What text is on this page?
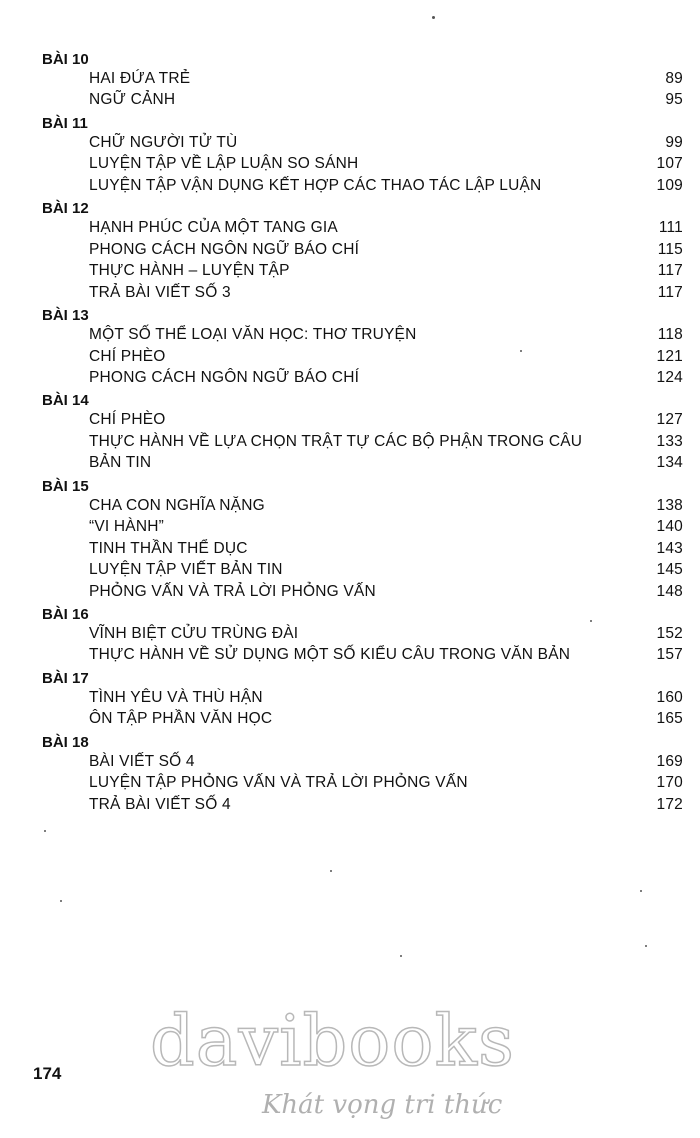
BÀI 10
HAI ĐỨA TRẺ	89
NGỮ CẢNH	95
BÀI 11
CHỮ NGƯỜI TỬ TÙ	99
LUYỆN TẬP VỀ LẬP LUẬN SO SÁNH	107
LUYỆN TẬP VẬN DỤNG KẾT HỢP CÁC THAO TÁC LẬP LUẬN	109
BÀI 12
HẠNH PHÚC CỦA MỘT TANG GIA	111
PHONG CÁCH NGÔN NGỮ BÁO CHÍ	115
THỰC HÀNH – LUYỆN TẬP	117
TRẢ BÀI VIẾT SỐ 3	117
BÀI 13
MỘT SỐ THỂ LOẠI VĂN HỌC: THƠ TRUYỆN	118
CHÍ PHÈO	121
PHONG CÁCH NGÔN NGỮ BÁO CHÍ	124
BÀI 14
CHÍ PHÈO	127
THỰC HÀNH VỀ LỰA CHỌN TRẬT TỰ CÁC BỘ PHẬN TRONG CÂU	133
BẢN TIN	134
BÀI 15
CHA CON NGHĨA NẶNG	138
“VI HÀNH”	140
TINH THẦN THỂ DỤC	143
LUYỆN TẬP VIẾT BẢN TIN	145
PHỎNG VẤN VÀ TRẢ LỜI PHỎNG VẤN	148
BÀI 16
VĨNH BIỆT CỬU TRÙNG ĐÀI	152
THỰC HÀNH VỀ SỬ DỤNG MỘT SỐ KIỂU CÂU TRONG VĂN BẢN	157
BÀI 17
TÌNH YÊU VÀ THÙ HẬN	160
ÔN TẬP PHẦN VĂN HỌC	165
BÀI 18
BÀI VIẾT SỐ 4	169
LUYỆN TẬP PHỎNG VẤN VÀ TRẢ LỜI PHỎNG VẤN	170
TRẢ BÀI VIẾT SỐ 4	172
174 davibooks
Khát vọng tri thức
